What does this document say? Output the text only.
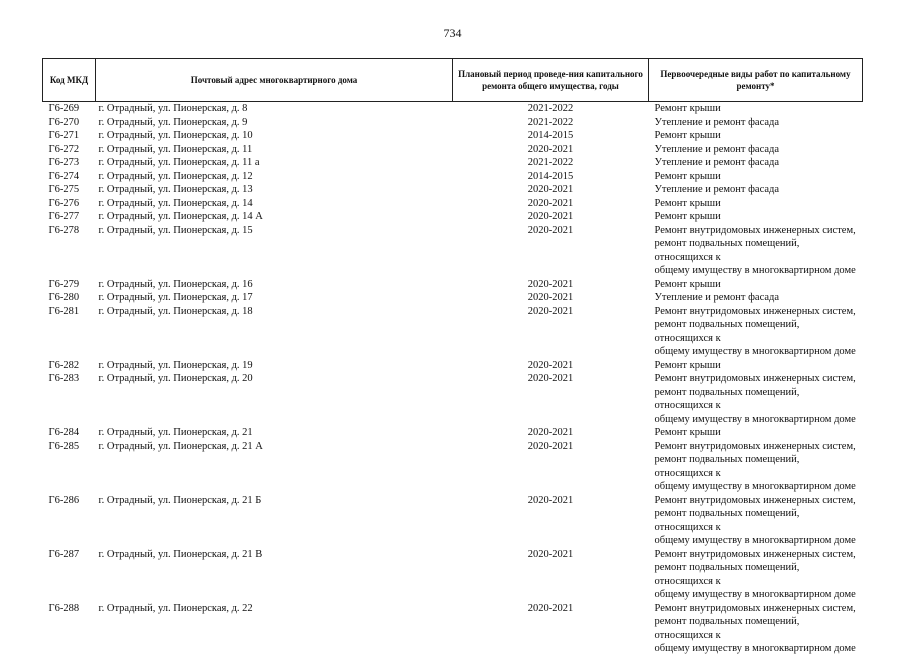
734
Код МКД	Почтовый адрес многоквартирного дома	Плановый период проведе-ния капитального ремонта общего имущества, годы	Первоочередные виды работ по капитальному ремонту*
Г6-269	г. Отрадный, ул. Пионерская, д. 8	2021-2022	Ремонт крыши

Г6-270	г. Отрадный, ул. Пионерская, д. 9	2021-2022	Утепление и ремонт фасада

Г6-271	г. Отрадный, ул. Пионерская, д. 10	2014-2015	Ремонт крыши

Г6-272	г. Отрадный, ул. Пионерская, д. 11	2020-2021	Утепление и ремонт фасада

Г6-273	г. Отрадный, ул. Пионерская, д. 11 а	2021-2022	Утепление и ремонт фасада

Г6-274	г. Отрадный, ул. Пионерская, д. 12	2014-2015	Ремонт крыши

Г6-275	г. Отрадный, ул. Пионерская, д. 13	2020-2021	Утепление и ремонт фасада

Г6-276	г. Отрадный, ул. Пионерская, д. 14	2020-2021	Ремонт крыши

Г6-277	г. Отрадный, ул. Пионерская, д. 14 А	2020-2021	Ремонт крыши

Г6-278	г. Отрадный, ул. Пионерская, д. 15	2020-2021	Ремонт внутридомовых инженерных систем,
ремонт подвальных помещений, относящихся к
общему имуществу в многоквартирном доме

Г6-279	г. Отрадный, ул. Пионерская, д. 16	2020-2021	Ремонт крыши

Г6-280	г. Отрадный, ул. Пионерская, д. 17	2020-2021	Утепление и ремонт фасада

Г6-281	г. Отрадный, ул. Пионерская, д. 18	2020-2021	Ремонт внутридомовых инженерных систем,
ремонт подвальных помещений, относящихся к
общему имуществу в многоквартирном доме

Г6-282	г. Отрадный, ул. Пионерская, д. 19	2020-2021	Ремонт крыши

Г6-283	г. Отрадный, ул. Пионерская, д. 20	2020-2021	Ремонт внутридомовых инженерных систем,
ремонт подвальных помещений, относящихся к
общему имуществу в многоквартирном доме

Г6-284	г. Отрадный, ул. Пионерская, д. 21	2020-2021	Ремонт крыши

Г6-285	г. Отрадный, ул. Пионерская, д. 21 А	2020-2021	Ремонт внутридомовых инженерных систем,
ремонт подвальных помещений, относящихся к
общему имуществу в многоквартирном доме

Г6-286	г. Отрадный, ул. Пионерская, д. 21 Б	2020-2021	Ремонт внутридомовых инженерных систем,
ремонт подвальных помещений, относящихся к
общему имуществу в многоквартирном доме

Г6-287	г. Отрадный, ул. Пионерская, д. 21 В	2020-2021	Ремонт внутридомовых инженерных систем,
ремонт подвальных помещений, относящихся к
общему имуществу в многоквартирном доме

Г6-288	г. Отрадный, ул. Пионерская, д. 22	2020-2021	Ремонт внутридомовых инженерных систем,
ремонт подвальных помещений, относящихся к
общему имуществу в многоквартирном доме
